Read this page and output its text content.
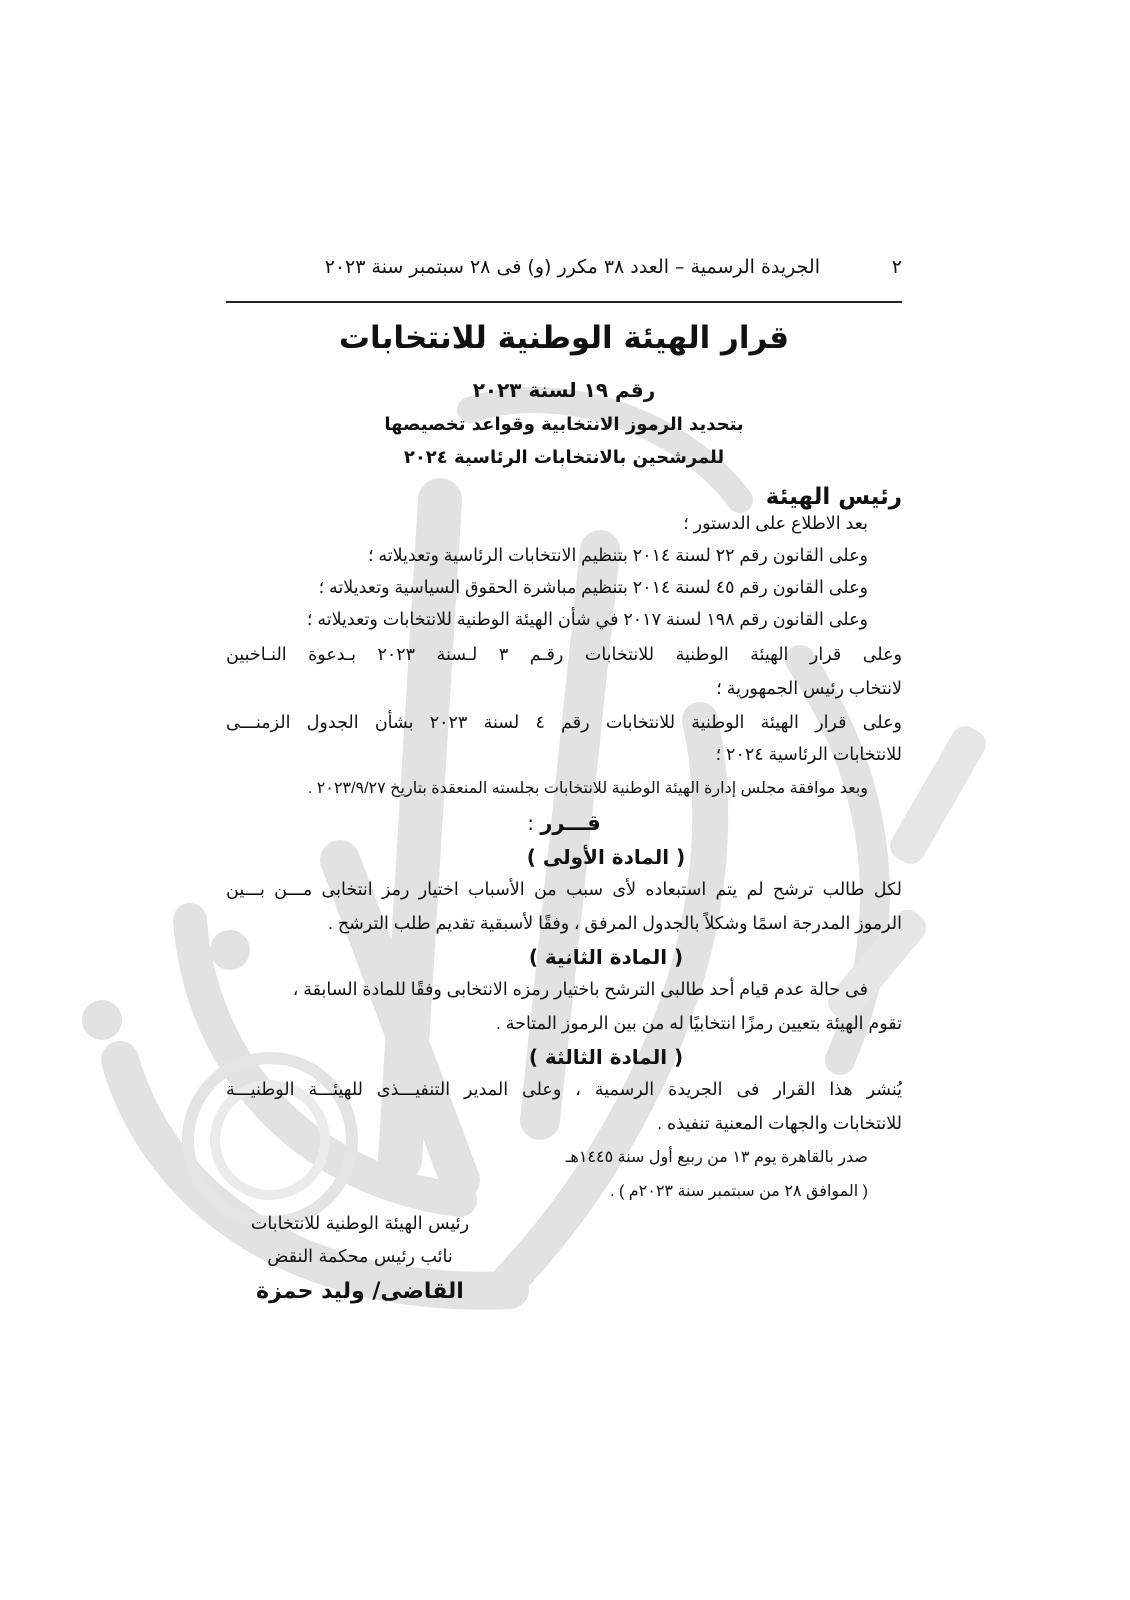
٢
الجريدة الرسمية – العدد ٣٨ مكرر (و) فى ٢٨ سبتمبر سنة ٢٠٢٣
قرار الهيئة الوطنية للانتخابات
رقم ١٩ لسنة ٢٠٢٣
بتحديد الرموز الانتخابية وقواعد تخصيصها
للمرشحين بالانتخابات الرئاسية ٢٠٢٤
رئيس الهيئة
بعد الاطلاع على الدستور ؛
وعلى القانون رقم ٢٢ لسنة ٢٠١٤ بتنظيم الانتخابات الرئاسية وتعديلاته ؛
وعلى القانون رقم ٤٥ لسنة ٢٠١٤ بتنظيم مباشرة الحقوق السياسية وتعديلاته ؛
وعلى القانون رقم ١٩٨ لسنة ٢٠١٧ في شأن الهيئة الوطنية للانتخابات وتعديلاته ؛
وعلى قرار الهيئة الوطنية للانتخابات رقـم ٣ لـسنة ٢٠٢٣ بـدعوة النـاخبين
لانتخاب رئيس الجمهورية ؛
وعلى قرار الهيئة الوطنية للانتخابات رقم ٤ لسنة ٢٠٢٣ بشأن الجدول الزمنـــى
للانتخابات الرئاسية ٢٠٢٤ ؛
وبعد موافقة مجلس إدارة الهيئة الوطنية للانتخابات بجلسته المنعقدة بتاريخ ٢٠٢٣/٩/٢٧ .
قـــرر :
( المادة الأولى )
لكل طالب ترشح لم يتم استبعاده لأى سبب من الأسباب اختيار رمز انتخابى مـــن بـــين
الرموز المدرجة اسمًا وشكلاً بالجدول المرفق ، وفقًا لأسبقية تقديم طلب الترشح .
( المادة الثانية )
فى حالة عدم قيام أحد طالبى الترشح باختيار رمزه الانتخابى وفقًا للمادة السابقة ،
تقوم الهيئة بتعيين رمزًا انتخابيًا له من بين الرموز المتاحة .
( المادة الثالثة )
يُنشر هذا القرار فى الجريدة الرسمية ، وعلى المدير التنفيـــذى للهيئـــة الوطنيـــة
للانتخابات والجهات المعنية تنفيذه .
صدر بالقاهرة يوم ١٣ من ربيع أول سنة ١٤٤٥هـ
( الموافق ٢٨ من سبتمبر سنة ٢٠٢٣م ) .
رئيس الهيئة الوطنية للانتخابات
نائب رئيس محكمة النقض
القاضى/ وليد حمزة
